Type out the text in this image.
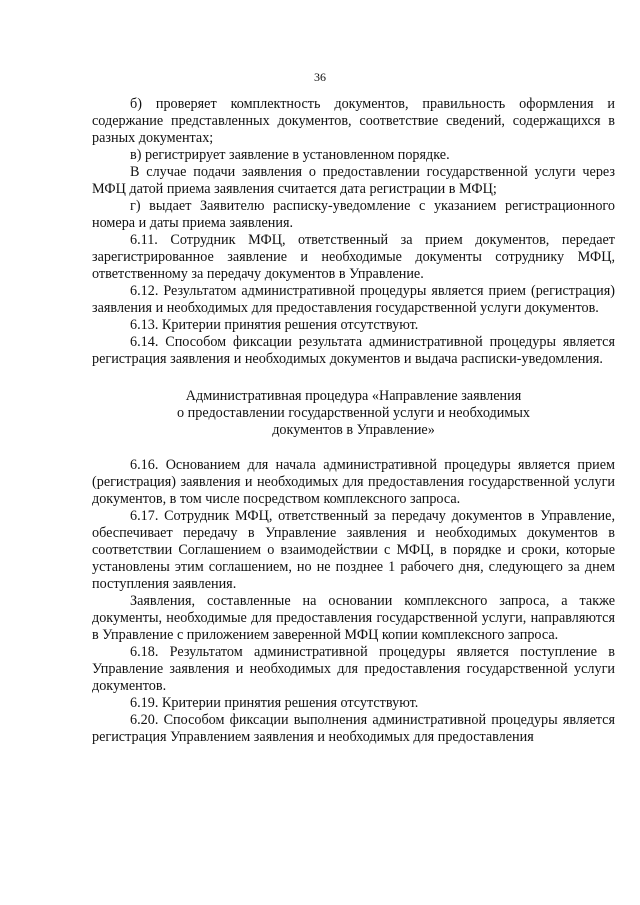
36

б) проверяет комплектность документов, правильность оформления и содержание представленных документов, соответствие сведений, содержащихся в разных документах;

в) регистрирует заявление в установленном порядке.

В случае подачи заявления о предоставлении государственной услуги через МФЦ датой приема заявления считается дата регистрации в МФЦ;

г) выдает Заявителю расписку-уведомление с указанием регистрационного номера и даты приема заявления.

6.11. Сотрудник МФЦ, ответственный за прием документов, передает зарегистрированное заявление и необходимые документы сотруднику МФЦ, ответственному за передачу документов в Управление.

6.12. Результатом административной процедуры является прием (регистрация) заявления и необходимых для предоставления государственной услуги документов.

6.13. Критерии принятия решения отсутствуют.

6.14. Способом фиксации результата административной процедуры является регистрация заявления и необходимых документов и выдача расписки-уведомления.

Административная процедура «Направление заявления
о предоставлении государственной услуги и необходимых
документов в Управление»

6.16. Основанием для начала административной процедуры является прием (регистрация) заявления и необходимых для предоставления государственной услуги документов, в том числе посредством комплексного запроса.

6.17. Сотрудник МФЦ, ответственный за передачу документов в Управление, обеспечивает передачу в Управление заявления и необходимых документов в соответствии Соглашением о взаимодействии с МФЦ, в порядке и сроки, которые установлены этим соглашением, но не позднее 1 рабочего дня, следующего за днем поступления заявления.

Заявления, составленные на основании комплексного запроса, а также документы, необходимые для предоставления государственной услуги, направляются в Управление с приложением заверенной МФЦ копии комплексного запроса.

6.18. Результатом административной процедуры является поступление в Управление заявления и необходимых для предоставления государственной услуги документов.

6.19. Критерии принятия решения отсутствуют.

6.20. Способом фиксации выполнения административной процедуры является регистрация Управлением заявления и необходимых для предоставления
